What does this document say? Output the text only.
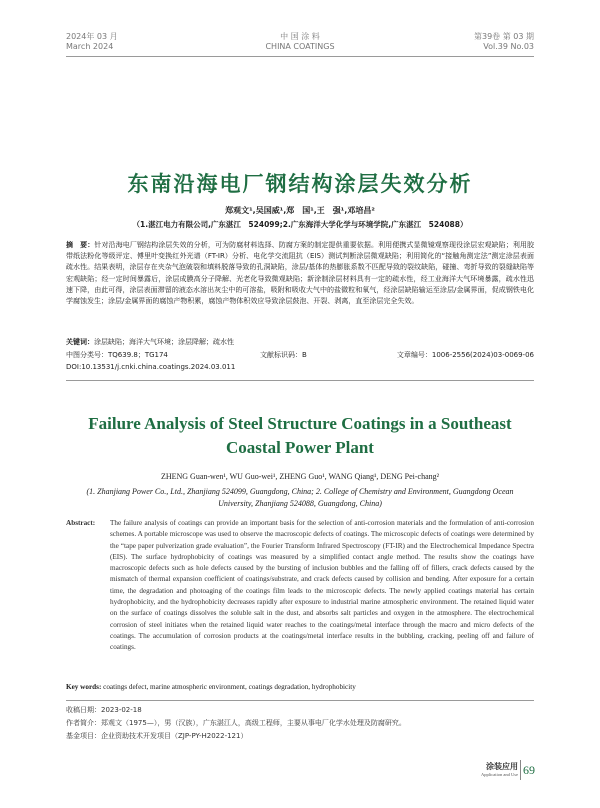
2024年 03 月
March 2024
中 国 涂 料
CHINA COATINGS
第39卷 第 03 期
Vol.39 No.03
东南沿海电厂钢结构涂层失效分析
郑观文¹,吴国威¹,郑　国¹,王　强¹,邓培昌²
（1.湛江电力有限公司,广东湛江　524099;2.广东海洋大学化学与环境学院,广东湛江　524088）
摘　要：针对沿海电厂钢结构涂层失效的分析，可为防腐材料选择、防腐方案的制定提供重要依据。利用便携式显微镜观察现役涂层宏观缺陷；利用胶带纸法粉化等级评定、傅里叶变换红外光谱（FT-IR）分析、电化学交流阻抗（EIS）测试判断涂层微观缺陷；利用简化的“接触角测定法”测定涂层表面疏水性。结果表明，涂层存在夹杂气泡破裂和填料脱落导致的孔洞缺陷，涂层/基体的热膨胀系数不匹配导致的裂纹缺陷，碰撞、弯折导致的裂缝缺陷等宏观缺陷；经一定时间暴露后，涂层成膜高分子降解、光老化导致微观缺陷；新涂制涂层材料具有一定的疏水性，经工业海洋大气环境暴露，疏水性迅速下降，由此可得，涂层表面滞留的液态水溶出灰尘中的可溶盐，吸附和吸收大气中的盐微粒和氧气，经涂层缺陷输运至涂层/金属界面，促成钢铁电化学腐蚀发生；涂层/金属界面的腐蚀产物积累，腐蚀产物体积效应导致涂层鼓泡、开裂、剥离，直至涂层完全失效。
关键词：涂层缺陷；海洋大气环境；涂层降解；疏水性
中图分类号：TQ639.8；TG174	文献标识码：B	文章编号：1006-2556(2024)03-0069-06
DOI:10.13531/j.cnki.china.coatings.2024.03.011
Failure Analysis of Steel Structure Coatings in a Southeast Coastal Power Plant
ZHENG Guan-wen¹, WU Guo-wei¹, ZHENG Guo¹, WANG Qiang¹, DENG Pei-chang²
(1. Zhanjiang Power Co., Ltd., Zhanjiang 524099, Guangdong, China; 2. College of Chemistry and Environment, Guangdong Ocean University, Zhanjiang 524088, Guangdong, China)
Abstract: The failure analysis of coatings can provide an important basis for the selection of anti-corrosion materials and the formulation of anti-corrosion schemes. A portable microscope was used to observe the macroscopic defects of coatings. The microscopic defects of coatings were determined by the “tape paper pulverization grade evaluation”, the Fourier Transform Infrared Spectroscopy (FT-IR) and the Electrochemical Impedance Spectra (EIS). The surface hydrophobicity of coatings was measured by a simplified contact angle method. The results show the coatings have macroscopic defects such as hole defects caused by the bursting of inclusion bubbles and the falling off of fillers, crack defects caused by the mismatch of thermal expansion coefficient of coatings/substrate, and crack defects caused by collision and bending. After exposure for a certain time, the degradation and photoaging of the coatings film leads to the microscopic defects. The newly applied coatings material has certain hydrophobicity, and the hydrophobicity decreases rapidly after exposure to industrial marine atmospheric environment. The retained liquid water on the surface of coatings dissolves the soluble salt in the dust, and absorbs salt particles and oxygen in the atmosphere. The electrochemical corrosion of steel initiates when the retained liquid water reaches to the coatings/metal interface through the macro and micro defects of the coatings. The accumulation of corrosion products at the coatings/metal interface results in the bubbling, cracking, peeling off and failure of coatings.
Key words: coatings defect, marine atmospheric environment, coatings degradation, hydrophobicity
收稿日期：2023-02-18
作者简介：郑观文（1975—），男（汉族），广东湛江人，高级工程师，主要从事电厂化学水处理及防腐研究。
基金项目：企业资助技术开发项目（ZJP-PY-H2022-121）
涂装应用
Application and Use 69
